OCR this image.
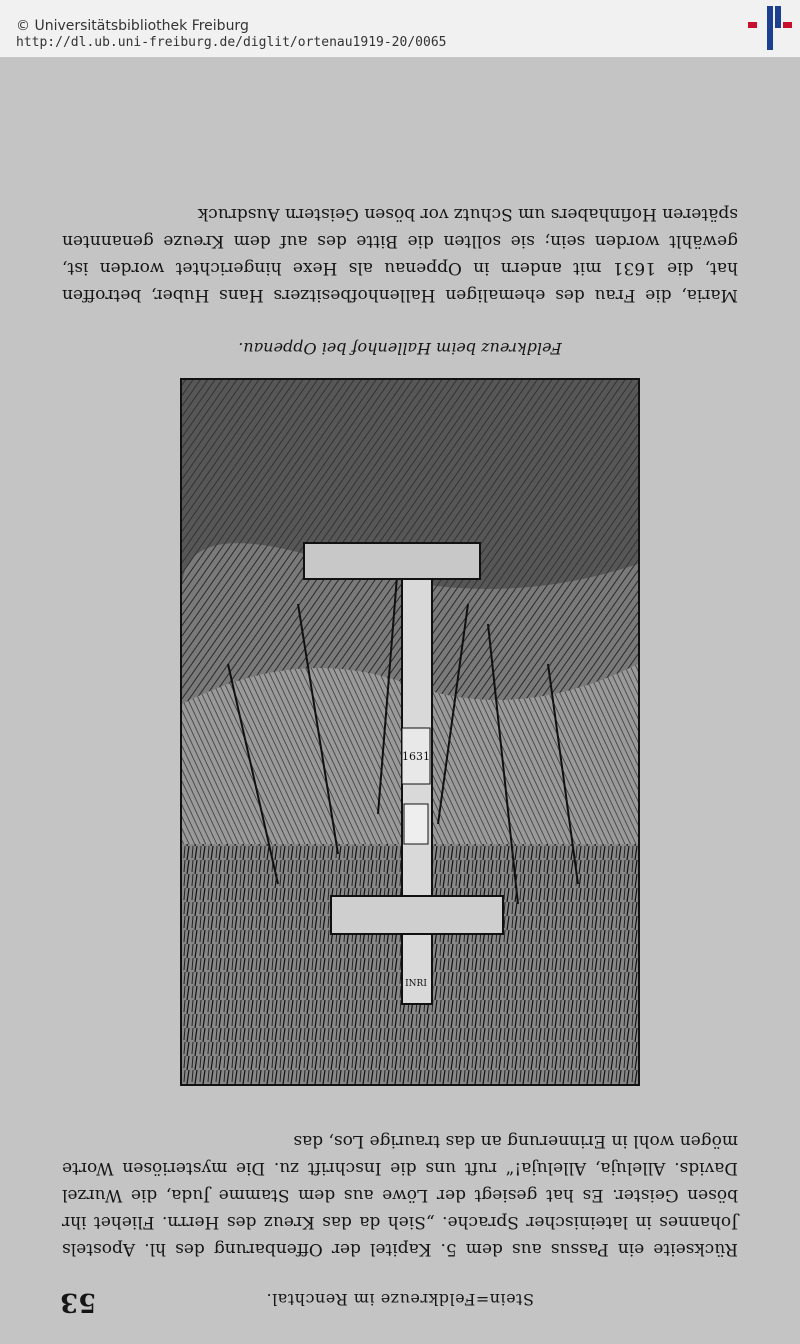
© Universitätsbibliothek Freiburg
http://dl.ub.uni-freiburg.de/diglit/ortenau1919-20/0065
Stein=Feldkreuze im Renchtal.
53
Rückseite ein Passus aus dem 5. Kapitel der Offenbarung des hl. Apostels Johannes in lateinischer Sprache. „Sieh da das Kreuz des Herrn. Fliehet ihr bösen Geister. Es hat gesiegt der Löwe aus dem Stamme Juda, die Wurzel Davids. Alleluja, Alleluja!“ ruft uns die Inschrift zu. Die mysteriösen Worte mögen wohl in Erinnerung an das traurige Los, das
1631
INRI
Feldkreuz beim Hallenhof bei Oppenau.
Maria, die Frau des ehemaligen Hallenhofbesitzers Hans Huber, betroffen hat, die 1631 mit andern in Oppenau als Hexe hingerichtet worden ist, gewählt worden sein; sie sollten die Bitte des auf dem Kreuze genannten späteren Hofinhabers um Schutz vor bösen Geistern Ausdruck
